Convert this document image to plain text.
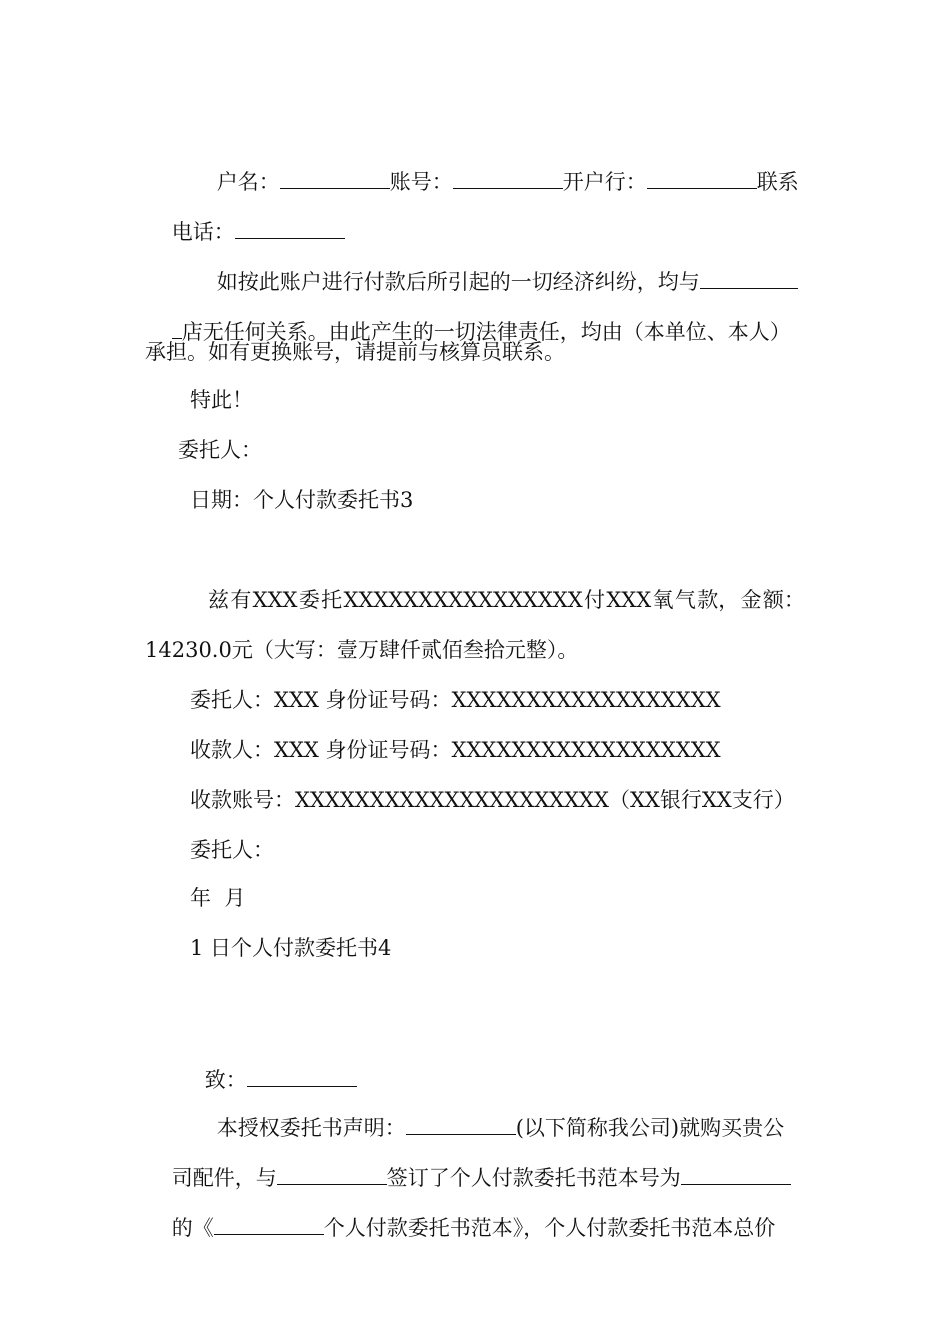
户名：	账号：	开户行：	联系

电话：

如按此账户进行付款后所引起的一切经济纠纷，均与

店无任何关系。由此产生的一切法律责任，均由（本单位、本人）

承担。如有更换账号，请提前与核算员联系。
特此！
委托人：
日期：个人付款委托书3
兹 有 XXX 委 托 XXXXXXXXXXXXXXXX 付 XXX 氧 气 款， 金 额：
14230.0元（大写：壹万肆仟贰佰叁拾元整）。
委托人：XXX 身份证号码：XXXXXXXXXXXXXXXXXX
收款人：XXX 身份证号码：XXXXXXXXXXXXXXXXXX
收款账号：XXXXXXXXXXXXXXXXXXXXX（XX银行XX支行）
委托人：
年  月
1 日个人付款委托书4

致：

本授权委托书声明：	(以下简称我公司)就购买贵公

司配件，与	签订了个人付款委托书范本号为

的《	个人付款委托书范本》，个人付款委托书范本总价
